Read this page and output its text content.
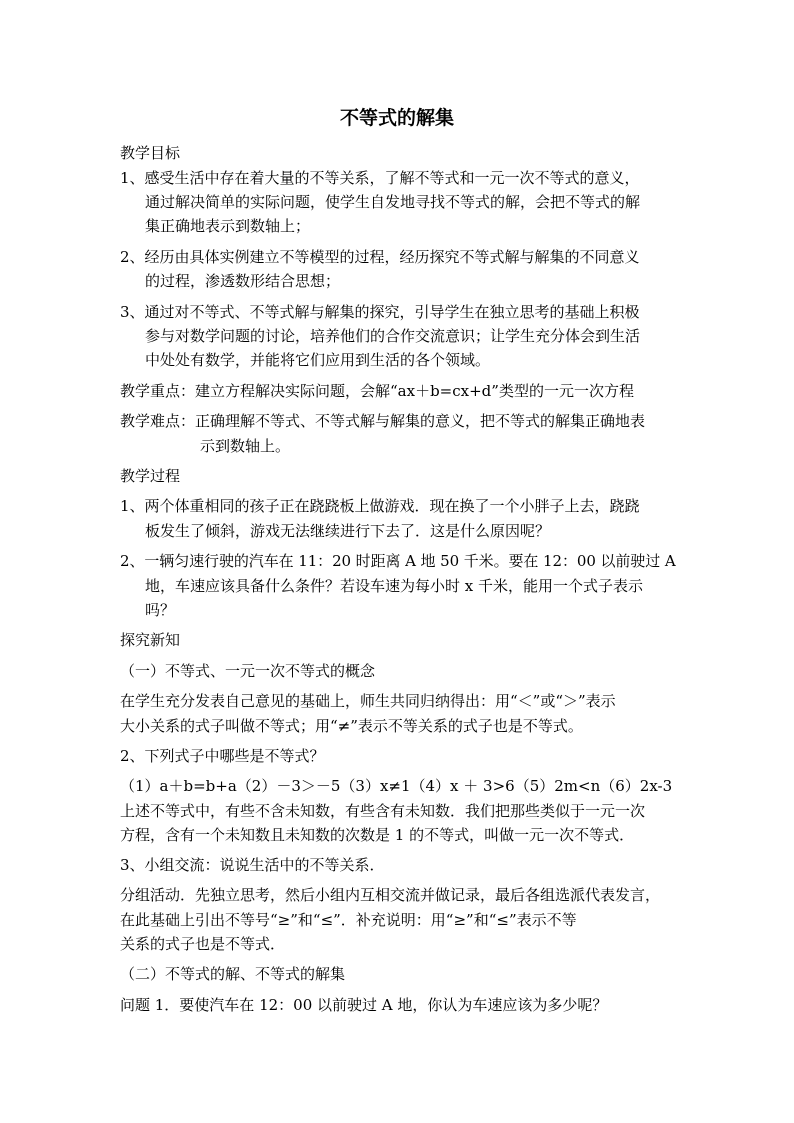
不等式的解集
教学目标
1、感受生活中存在着大量的不等关系，了解不等式和一元一次不等式的意义，
通过解决简单的实际问题，使学生自发地寻找不等式的解，会把不等式的解
集正确地表示到数轴上；
2、经历由具体实例建立不等模型的过程，经历探究不等式解与解集的不同意义
的过程，渗透数形结合思想；
3、通过对不等式、不等式解与解集的探究，引导学生在独立思考的基础上积极
参与对数学问题的讨论，培养他们的合作交流意识；让学生充分体会到生活
中处处有数学，并能将它们应用到生活的各个领域。
教学重点：建立方程解决实际问题，会解“ax＋b=cx+d”类型的一元一次方程
教学难点：正确理解不等式、不等式解与解集的意义，把不等式的解集正确地表
示到数轴上。
教学过程
1、两个体重相同的孩子正在跷跷板上做游戏．现在换了一个小胖子上去，跷跷
板发生了倾斜，游戏无法继续进行下去了．这是什么原因呢？
2、一辆匀速行驶的汽车在 11：20 时距离 A 地 50 千米。要在 12：00 以前驶过 A
地，车速应该具备什么条件？若设车速为每小时 x 千米，能用一个式子表示
吗？
探究新知
（一）不等式、一元一次不等式的概念
在学生充分发表自己意见的基础上，师生共同归纳得出：用“＜”或“＞”表示
大小关系的式子叫做不等式；用“≠”表示不等关系的式子也是不等式。
2、下列式子中哪些是不等式？
（1）a＋b=b+a（2）－3＞－5（3）x≠1（4）x ＋ 3>6（5）2m<n（6）2x-3
上述不等式中，有些不含未知数，有些含有未知数．我们把那些类似于一元一次
方程，含有一个未知数且未知数的次数是 1 的不等式，叫做一元一次不等式．
3、小组交流：说说生活中的不等关系．
分组活动．先独立思考，然后小组内互相交流并做记录，最后各组选派代表发言，
在此基础上引出不等号“≥”和“≤”．补充说明：用“≥”和“≤”表示不等
关系的式子也是不等式．
（二）不等式的解、不等式的解集
问题 1．要使汽车在 12：00 以前驶过 A 地，你认为车速应该为多少呢？
